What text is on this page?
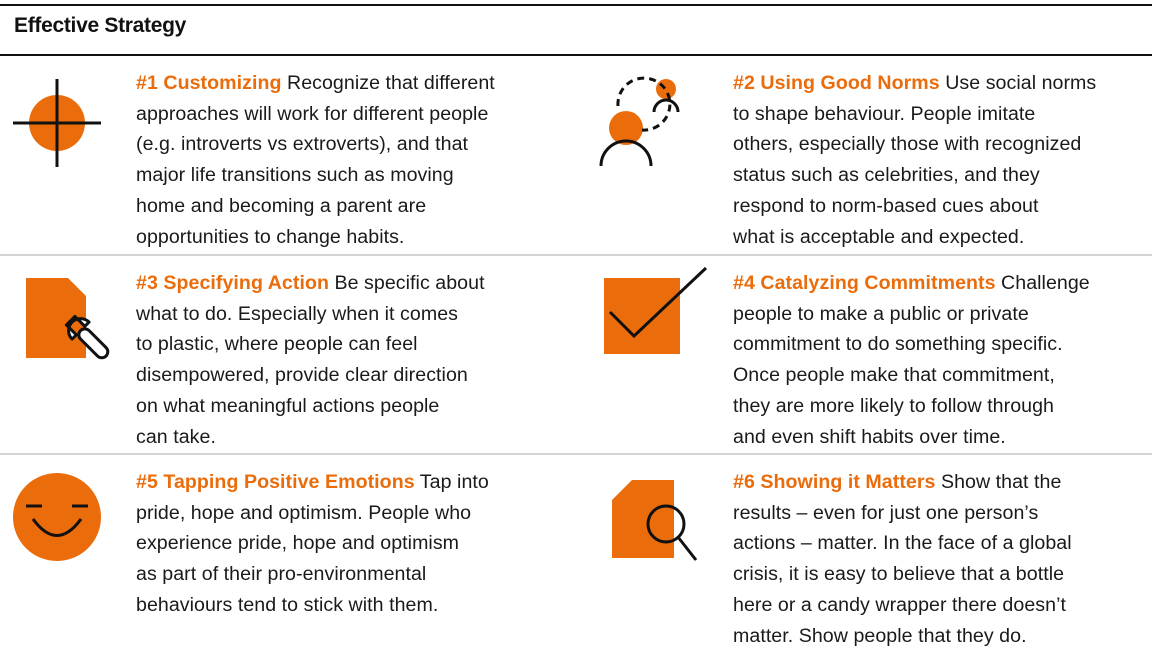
Effective Strategy
#1 Customizing Recognize that different
approaches will work for different people
(e.g. introverts vs extroverts), and that
major life transitions such as moving
home and becoming a parent are
opportunities to change habits.
#2 Using Good Norms Use social norms
to shape behaviour. People imitate
others, especially those with recognized
status such as celebrities, and they
respond to norm-based cues about
what is acceptable and expected.
#3 Specifying Action Be specific about
what to do. Especially when it comes
to plastic, where people can feel
disempowered, provide clear direction
on what meaningful actions people
can take.
#4 Catalyzing Commitments Challenge
people to make a public or private
commitment to do something specific.
Once people make that commitment,
they are more likely to follow through
and even shift habits over time.
#5 Tapping Positive Emotions Tap into
pride, hope and optimism. People who
experience pride, hope and optimism
as part of their pro-environmental
behaviours tend to stick with them.
#6 Showing it Matters Show that the
results – even for just one person’s
actions – matter. In the face of a global
crisis, it is easy to believe that a bottle
here or a candy wrapper there doesn’t
matter. Show people that they do.
